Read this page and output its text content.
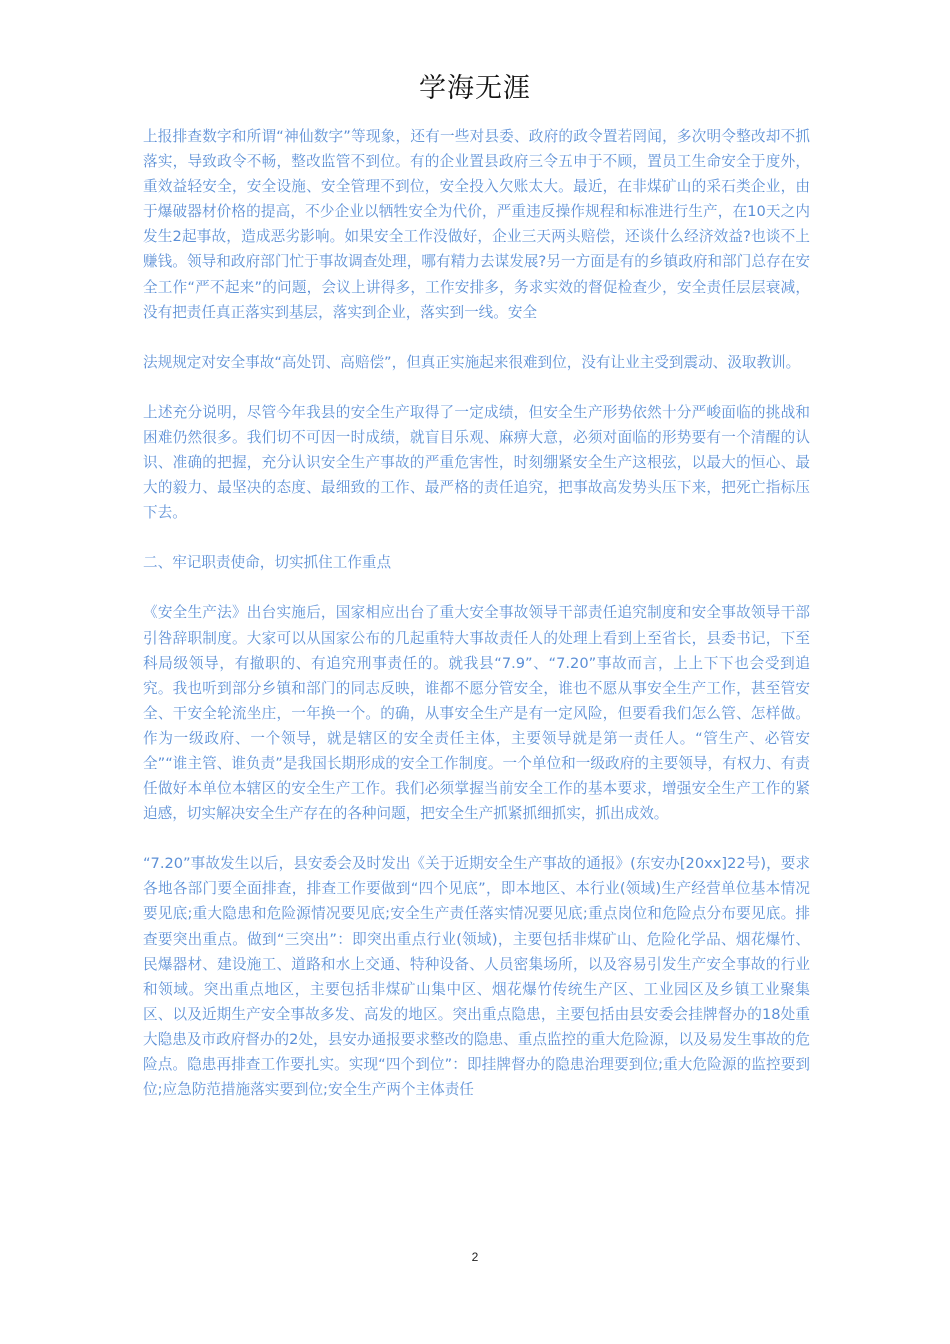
学海无涯

上报排查数字和所谓“神仙数字”等现象，还有一些对县委、政府的政令置若罔闻，多次明令整改却不抓落实，导致政令不畅，整改监管不到位。有的企业置县政府三令五申于不顾，置员工生命安全于度外，重效益轻安全，安全设施、安全管理不到位，安全投入欠账太大。最近，在非煤矿山的采石类企业，由于爆破器材价格的提高，不少企业以牺牲安全为代价，严重违反操作规程和标准进行生产，在10天之内发生2起事故，造成恶劣影响。如果安全工作没做好，企业三天两头赔偿，还谈什么经济效益?也谈不上赚钱。领导和政府部门忙于事故调查处理，哪有精力去谋发展?另一方面是有的乡镇政府和部门总存在安全工作“严不起来”的问题，会议上讲得多，工作安排多，务求实效的督促检查少，安全责任层层衰减，没有把责任真正落实到基层，落实到企业，落实到一线。安全

法规规定对安全事故“高处罚、高赔偿”，但真正实施起来很难到位，没有让业主受到震动、汲取教训。

上述充分说明，尽管今年我县的安全生产取得了一定成绩，但安全生产形势依然十分严峻面临的挑战和困难仍然很多。我们切不可因一时成绩，就盲目乐观、麻痹大意，必须对面临的形势要有一个清醒的认识、准确的把握，充分认识安全生产事故的严重危害性，时刻绷紧安全生产这根弦，以最大的恒心、最大的毅力、最坚决的态度、最细致的工作、最严格的责任追究，把事故高发势头压下来，把死亡指标压下去。

二、牢记职责使命，切实抓住工作重点

《安全生产法》出台实施后，国家相应出台了重大安全事故领导干部责任追究制度和安全事故领导干部引咎辞职制度。大家可以从国家公布的几起重特大事故责任人的处理上看到上至省长，县委书记，下至科局级领导，有撤职的、有追究刑事责任的。就我县“7.9”、“7.20”事故而言，上上下下也会受到追究。我也听到部分乡镇和部门的同志反映，谁都不愿分管安全，谁也不愿从事安全生产工作，甚至管安全、干安全轮流坐庄，一年换一个。的确，从事安全生产是有一定风险，但要看我们怎么管、怎样做。作为一级政府、一个领导，就是辖区的安全责任主体，主要领导就是第一责任人。“管生产、必管安全”“谁主管、谁负责”是我国长期形成的安全工作制度。一个单位和一级政府的主要领导，有权力、有责任做好本单位本辖区的安全生产工作。我们必须掌握当前安全工作的基本要求，增强安全生产工作的紧迫感，切实解决安全生产存在的各种问题，把安全生产抓紧抓细抓实，抓出成效。

“7.20”事故发生以后，县安委会及时发出《关于近期安全生产事故的通报》(东安办[20xx]22号)，要求各地各部门要全面排查，排查工作要做到“四个见底”，即本地区、本行业(领域)生产经营单位基本情况要见底;重大隐患和危险源情况要见底;安全生产责任落实情况要见底;重点岗位和危险点分布要见底。排查要突出重点。做到“三突出”：即突出重点行业(领域)，主要包括非煤矿山、危险化学品、烟花爆竹、民爆器材、建设施工、道路和水上交通、特种设备、人员密集场所，以及容易引发生产安全事故的行业和领域。突出重点地区，主要包括非煤矿山集中区、烟花爆竹传统生产区、工业园区及乡镇工业聚集区、以及近期生产安全事故多发、高发的地区。突出重点隐患，主要包括由县安委会挂牌督办的18处重大隐患及市政府督办的2处，县安办通报要求整改的隐患、重点监控的重大危险源，以及易发生事故的危险点。隐患再排查工作要扎实。实现“四个到位”：即挂牌督办的隐患治理要到位;重大危险源的监控要到位;应急防范措施落实要到位;安全生产两个主体责任

2
